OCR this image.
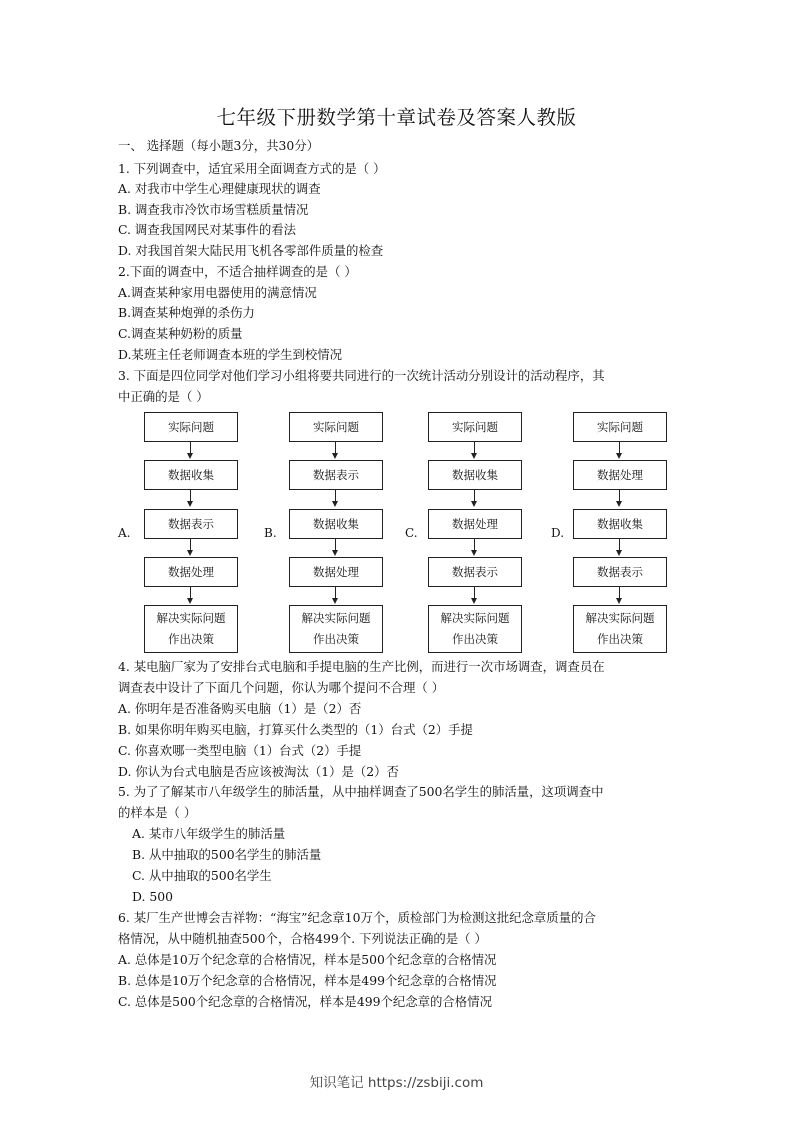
七年级下册数学第十章试卷及答案人教版
一、 选择题（每小题3分，共30分）
1. 下列调查中，适宜采用全面调查方式的是（ ）
A. 对我市中学生心理健康现状的调查
B. 调查我市冷饮市场雪糕质量情况
C. 调查我国网民对某事件的看法
D. 对我国首架大陆民用飞机各零部件质量的检查
2.下面的调查中，不适合抽样调查的是（ ）
A.调查某种家用电器使用的满意情况
B.调查某种炮弹的杀伤力
C.调查某种奶粉的质量
D.某班主任老师调查本班的学生到校情况
3. 下面是四位同学对他们学习小组将要共同进行的一次统计活动分别设计的活动程序，其
中正确的是（ ）
A.
实际问题
数据收集
数据表示
数据处理
解决实际问题
作出决策
B.
实际问题
数据表示
数据收集
数据处理
解决实际问题
作出决策
C.
实际问题
数据收集
数据处理
数据表示
解决实际问题
作出决策
D.
实际问题
数据处理
数据收集
数据表示
解决实际问题
作出决策
4. 某电脑厂家为了安排台式电脑和手提电脑的生产比例，而进行一次市场调查，调查员在
调查表中设计了下面几个问题，你认为哪个提问不合理（ ）
A. 你明年是否准备购买电脑（1）是（2）否
B. 如果你明年购买电脑，打算买什么类型的（1）台式（2）手提
C. 你喜欢哪一类型电脑（1）台式（2）手提
D. 你认为台式电脑是否应该被淘汰（1）是（2）否
5. 为了了解某市八年级学生的肺活量，从中抽样调查了500名学生的肺活量，这项调查中
的样本是（ ）
A. 某市八年级学生的肺活量
B. 从中抽取的500名学生的肺活量
C. 从中抽取的500名学生
D. 500
6. 某厂生产世博会吉祥物：“海宝”纪念章10万个，质检部门为检测这批纪念章质量的合
格情况，从中随机抽查500个，合格499个. 下列说法正确的是（ ）
A. 总体是10万个纪念章的合格情况，样本是500个纪念章的合格情况
B. 总体是10万个纪念章的合格情况，样本是499个纪念章的合格情况
C. 总体是500个纪念章的合格情况，样本是499个纪念章的合格情况
知识笔记 https://zsbiji.com
